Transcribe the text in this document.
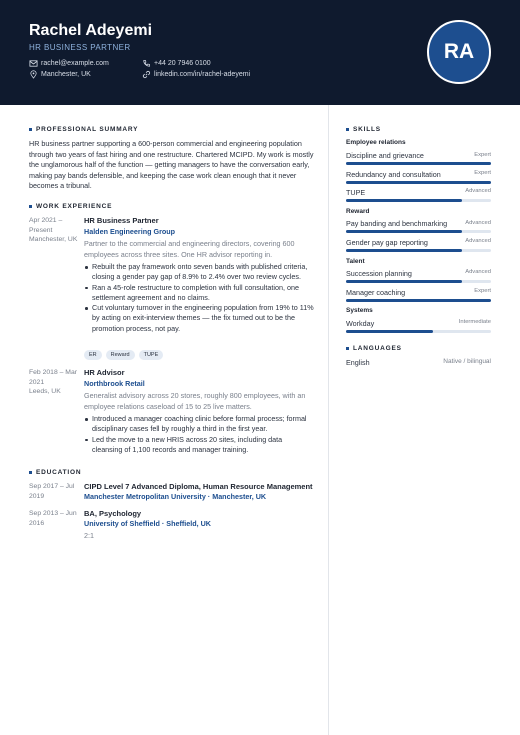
Rachel Adeyemi
HR BUSINESS PARTNER
rachel@example.com	+44 20 7946 0100
Manchester, UK	linkedin.com/in/rachel-adeyemi
RA
PROFESSIONAL SUMMARY
HR business partner supporting a 600-person commercial and engineering population through two years of fast hiring and one restructure. Chartered MCIPD. My work is mostly the unglamorous half of the function — getting managers to have the conversation early, making pay bands defensible, and keeping the case work clean enough that it never becomes a tribunal.
WORK EXPERIENCE
Apr 2021 – Present
Manchester, UK
HR Business Partner
Halden Engineering Group
Partner to the commercial and engineering directors, covering 600 employees across three sites. One HR advisor reporting in.
Rebuilt the pay framework onto seven bands with published criteria, closing a gender pay gap of 8.9% to 2.4% over two review cycles.
Ran a 45-role restructure to completion with full consultation, one settlement agreement and no claims.
Cut voluntary turnover in the engineering population from 19% to 11% by acting on exit-interview themes — the fix turned out to be the promotion process, not pay.
ER	Reward	TUPE
Feb 2018 – Mar 2021
Leeds, UK
HR Advisor
Northbrook Retail
Generalist advisory across 20 stores, roughly 800 employees, with an employee relations caseload of 15 to 25 live matters.
Introduced a manager coaching clinic before formal process; formal disciplinary cases fell by roughly a third in the first year.
Led the move to a new HRIS across 20 sites, including data cleansing of 1,100 records and manager training.
EDUCATION
Sep 2017 – Jul 2019
CIPD Level 7 Advanced Diploma, Human Resource Management
Manchester Metropolitan University · Manchester, UK
Sep 2013 – Jun 2016
BA, Psychology
University of Sheffield · Sheffield, UK
2:1
SKILLS
Employee relations
Discipline and grievance	Expert
Redundancy and consultation	Expert
TUPE	Advanced
Reward
Pay banding and benchmarking	Advanced
Gender pay gap reporting	Advanced
Talent
Succession planning	Advanced
Manager coaching	Expert
Systems
Workday	Intermediate
LANGUAGES
English	Native / bilingual
